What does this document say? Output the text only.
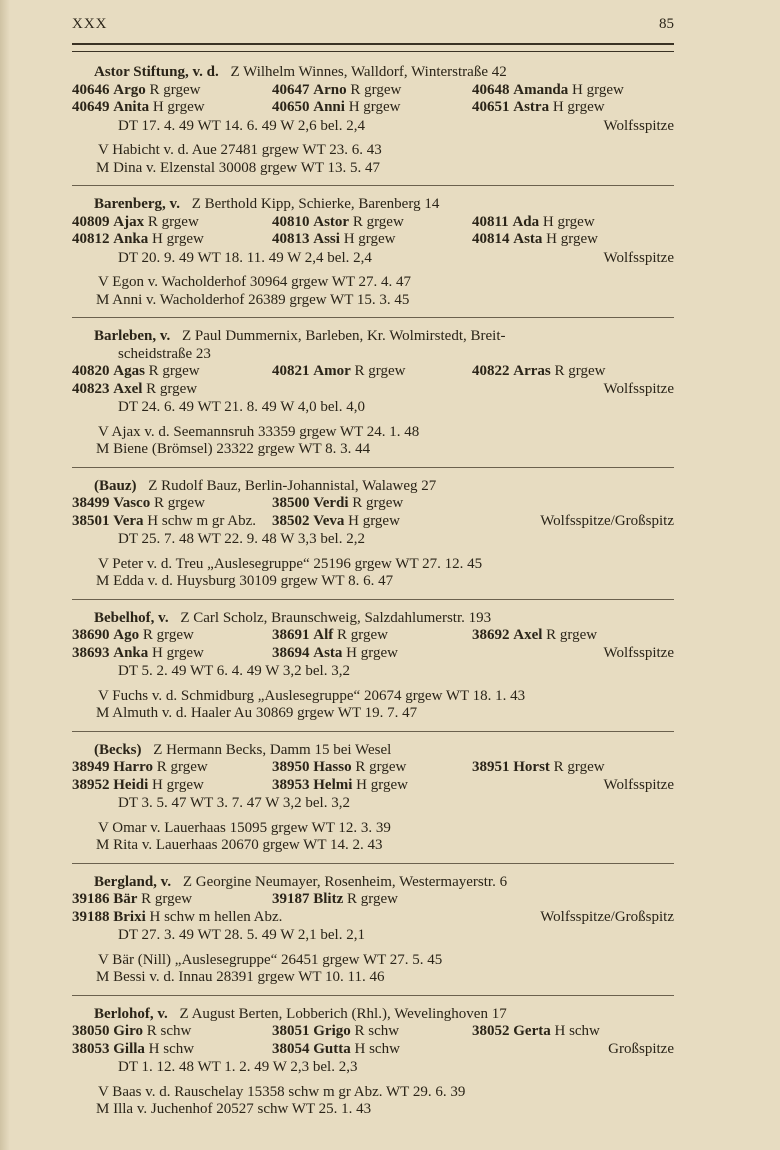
XXX	85
Astor Stiftung, v. d. Z Wilhelm Winnes, Walldorf, Winterstraße 42
40646 Argo R grgew	40647 Arno R grgew	40648 Amanda H grgew
40649 Anita H grgew	40650 Anni H grgew	40651 Astra H grgew
DT 17. 4. 49 WT 14. 6. 49 W 2,6 bel. 2,4	Wolfsspitze
V Habicht v. d. Aue 27481 grgew WT 23. 6. 43
M Dina v. Elzenstal 30008 grgew WT 13. 5. 47
Barenberg, v. Z Berthold Kipp, Schierke, Barenberg 14
40809 Ajax R grgew	40810 Astor R grgew	40811 Ada H grgew
40812 Anka H grgew	40813 Assi H grgew	40814 Asta H grgew
DT 20. 9. 49 WT 18. 11. 49 W 2,4 bel. 2,4	Wolfsspitze
V Egon v. Wacholderhof 30964 grgew WT 27. 4. 47
M Anni v. Wacholderhof 26389 grgew WT 15. 3. 45
Barleben, v. Z Paul Dummernix, Barleben, Kr. Wolmirstedt, Breit-
scheidstraße 23
40820 Agas R grgew	40821 Amor R grgew	40822 Arras R grgew
40823 Axel R grgew	Wolfsspitze
DT 24. 6. 49 WT 21. 8. 49 W 4,0 bel. 4,0
V Ajax v. d. Seemannsruh 33359 grgew WT 24. 1. 48
M Biene (Brömsel) 23322 grgew WT 8. 3. 44
(Bauz) Z Rudolf Bauz, Berlin-Johannistal, Walaweg 27
38499 Vasco R grgew	38500 Verdi R grgew
38501 Vera H schw m gr Abz.	38502 Veva H grgew	Wolfsspitze/Großspitz
DT 25. 7. 48 WT 22. 9. 48 W 3,3 bel. 2,2
V Peter v. d. Treu „Auslesegruppe“ 25196 grgew WT 27. 12. 45
M Edda v. d. Huysburg 30109 grgew WT 8. 6. 47
Bebelhof, v. Z Carl Scholz, Braunschweig, Salzdahlumerstr. 193
38690 Ago R grgew	38691 Alf R grgew	38692 Axel R grgew
38693 Anka H grgew	38694 Asta H grgew	Wolfsspitze
DT 5. 2. 49 WT 6. 4. 49 W 3,2 bel. 3,2
V Fuchs v. d. Schmidburg „Auslesegruppe“ 20674 grgew WT 18. 1. 43
M Almuth v. d. Haaler Au 30869 grgew WT 19. 7. 47
(Becks) Z Hermann Becks, Damm 15 bei Wesel
38949 Harro R grgew	38950 Hasso R grgew	38951 Horst R grgew
38952 Heidi H grgew	38953 Helmi H grgew	Wolfsspitze
DT 3. 5. 47 WT 3. 7. 47 W 3,2 bel. 3,2
V Omar v. Lauerhaas 15095 grgew WT 12. 3. 39
M Rita v. Lauerhaas 20670 grgew WT 14. 2. 43
Bergland, v. Z Georgine Neumayer, Rosenheim, Westermayerstr. 6
39186 Bär R grgew	39187 Blitz R grgew
39188 Brixi H schw m hellen Abz.	Wolfsspitze/Großspitz
DT 27. 3. 49 WT 28. 5. 49 W 2,1 bel. 2,1
V Bär (Nill) „Auslesegruppe“ 26451 grgew WT 27. 5. 45
M Bessi v. d. Innau 28391 grgew WT 10. 11. 46
Berlohof, v. Z August Berten, Lobberich (Rhl.), Wevelinghoven 17
38050 Giro R schw	38051 Grigo R schw	38052 Gerta H schw
38053 Gilla H schw	38054 Gutta H schw	Großspitze
DT 1. 12. 48 WT 1. 2. 49 W 2,3 bel. 2,3
V Baas v. d. Rauschelay 15358 schw m gr Abz. WT 29. 6. 39
M Illa v. Juchenhof 20527 schw WT 25. 1. 43
